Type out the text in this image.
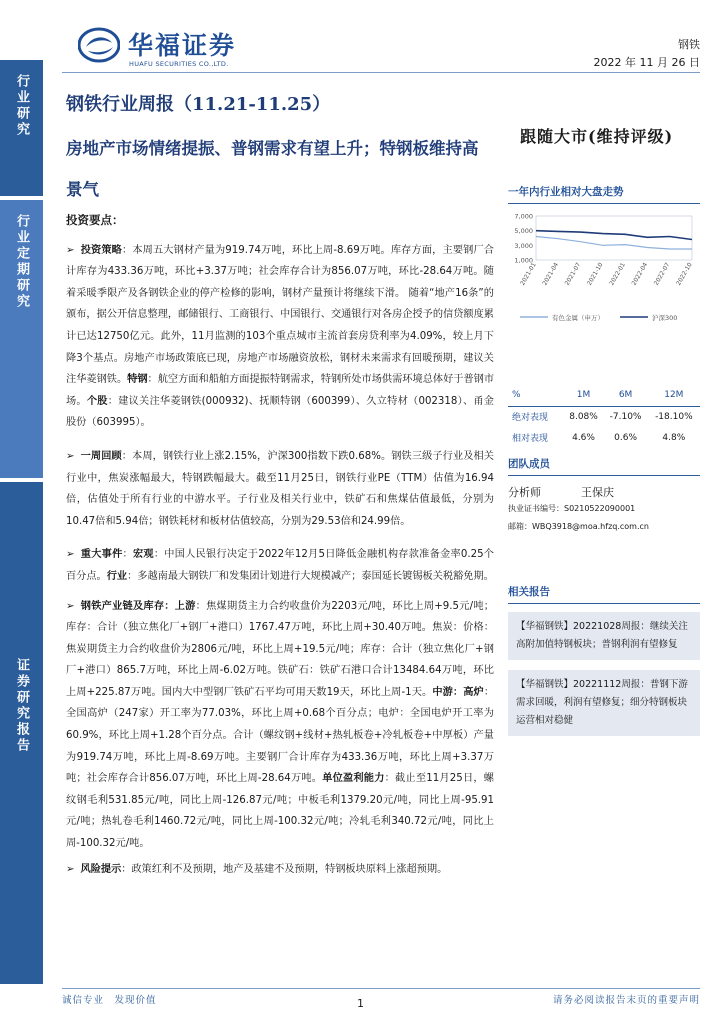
行业研究
行业定期研究
证券研究报告
华福证券
HUAFU SECURITIES CO.,LTD.
钢铁
2022 年 11 月 26 日
钢铁行业周报（11.21-11.25）
房地产市场情绪提振、普钢需求有望上升；特钢板维持高景气
跟随大市(维持评级)
投资要点：

➢ 投资策略：本周五大钢材产量为919.74万吨，环比上周-8.69万吨。库存方面，主要钢厂合计库存为433.36万吨，环比+3.37万吨；社会库存合计为856.07万吨，环比-28.64万吨。随着采暖季限产及各钢铁企业的停产检修的影响，钢材产量预计将继续下滑。 随着“地产16条”的颁布，据公开信息整理，邮储银行、工商银行、中国银行、交通银行对各房企授予的信贷额度累计已达12750亿元。此外，11月监测的103个重点城市主流首套房贷利率为4.09%，较上月下降3个基点。房地产市场政策底已现，房地产市场融资放松，钢材未来需求有回暖预期，建议关注华菱钢铁。特钢：航空方面和船舶方面提振特钢需求，特钢所处市场供需环境总体好于普钢市场。个股：建议关注华菱钢铁(000932)、抚顺特钢（600399）、久立特材（002318）、甬金股份（603995）。

➢ 一周回顾：本周，钢铁行业上涨2.15%，沪深300指数下跌0.68%。钢铁三级子行业及相关行业中，焦炭涨幅最大，特钢跌幅最大。截至11月25日，钢铁行业PE（TTM）估值为16.94倍，估值处于所有行业的中游水平。子行业及相关行业中，铁矿石和焦煤估值最低，分别为10.47倍和5.94倍；钢铁耗材和板材估值较高，分别为29.53倍和24.99倍。

➢ 重大事件：宏观：中国人民银行决定于2022年12月5日降低金融机构存款准备金率0.25个百分点。行业：多越南最大钢铁厂和发集团计划进行大规模减产；泰国延长镀锡板关税豁免期。

➢ 钢铁产业链及库存：上游：焦煤期货主力合约收盘价为2203元/吨，环比上周+9.5元/吨；库存：合计（独立焦化厂+钢厂+港口）1767.47万吨，环比上周+30.40万吨。焦炭：价格：焦炭期货主力合约收盘价为2806元/吨，环比上周+19.5元/吨；库存：合计（独立焦化厂+钢厂+港口）865.7万吨，环比上周-6.02万吨。铁矿石：铁矿石港口合计13484.64万吨，环比上周+225.87万吨。国内大中型钢厂铁矿石平均可用天数19天，环比上周-1天。中游：高炉：全国高炉（247家）开工率为77.03%，环比上周+0.68个百分点；电炉：全国电炉开工率为60.9%，环比上周+1.28个百分点。合计（螺纹钢+线材+热轧板卷+冷轧板卷+中厚板）产量为919.74万吨，环比上周-8.69万吨。主要钢厂合计库存为433.36万吨，环比上周+3.37万吨；社会库存合计856.07万吨，环比上周-28.64万吨。单位盈利能力：截止至11月25日，螺纹钢毛利531.85元/吨，同比上周-126.87元/吨；中板毛利1379.20元/吨，同比上周-95.91元/吨；热轧卷毛利1460.72元/吨，同比上周-100.32元/吨；冷轧毛利340.72元/吨，同比上周-100.32元/吨。

➢ 风险提示：政策红利不及预期，地产及基建不及预期，特钢板块原料上涨超预期。

一年内行业相对大盘走势
7,000
5,000
3,000
1,000
2021-01 2021-04 2021-07 2021-10 2022-01 2022-04 2022-07 2022-10
有色金属（申万）	沪深300
%	1M	6M	12M
绝对表现	8.08%	-7.10%	-18.10%
相对表现	4.6%	0.6%	4.8%
团队成员
分析师	王保庆
执业证书编号：S0210522090001
邮箱：WBQ3918@moa.hfzq.com.cn
相关报告
【华福钢铁】20221028周报：继续关注高附加值特钢板块；普钢利润有望修复
【华福钢铁】20221112周报：普钢下游需求回暖，利润有望修复；细分特钢板块运营相对稳健
诚信专业　发现价值	1	请务必阅读报告末页的重要声明
